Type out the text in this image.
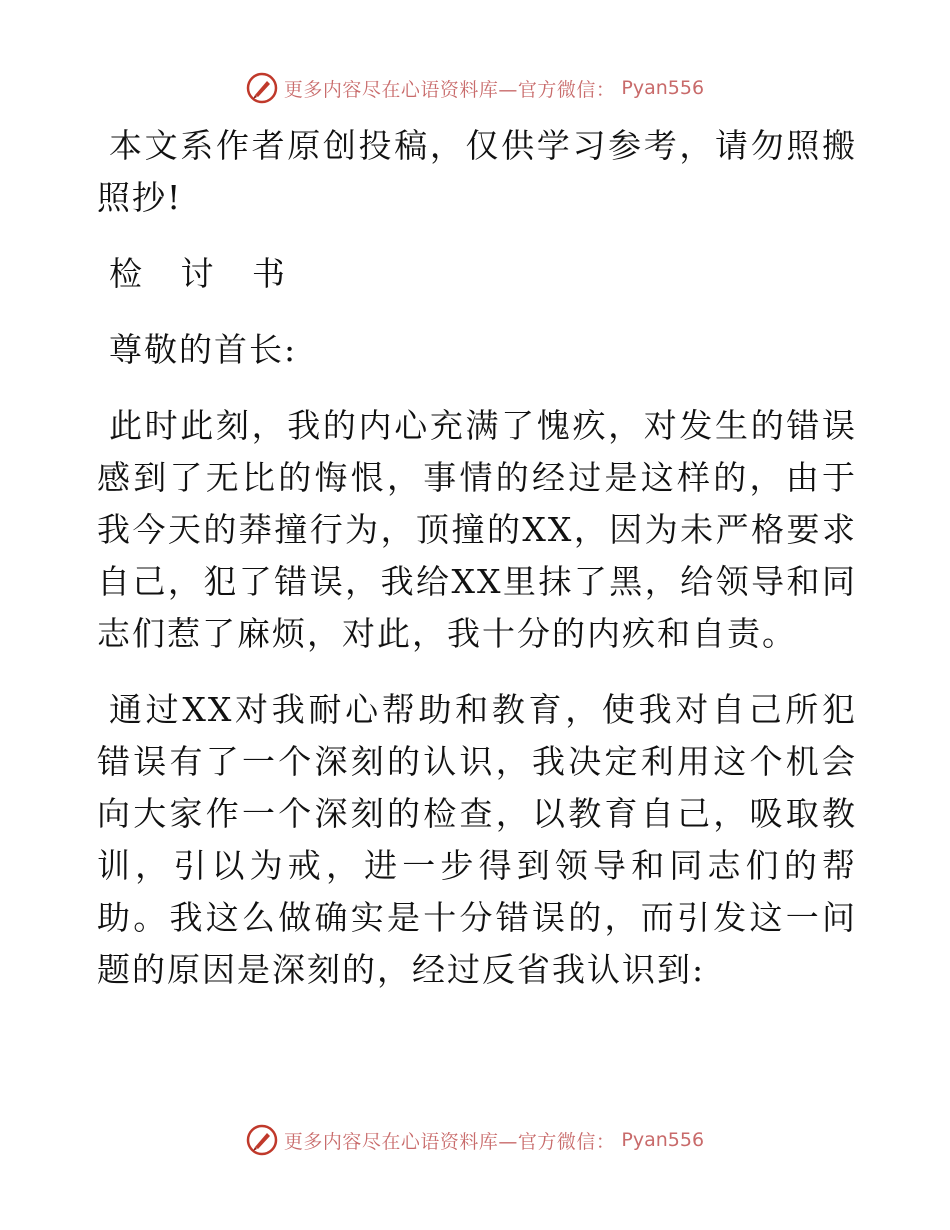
更多内容尽在心语资料库—官方微信： Pyan556

本文系作者原创投稿，仅供学习参考，请勿照搬照抄!

检 讨 书

尊敬的首长:

此时此刻，我的内心充满了愧疚，对发生的错误感到了无比的悔恨，事情的经过是这样的，由于我今天的莽撞行为，顶撞的XX，因为未严格要求自己，犯了错误，我给XX里抹了黑，给领导和同志们惹了麻烦，对此，我十分的内疚和自责。

通过XX对我耐心帮助和教育，使我对自己所犯错误有了一个深刻的认识，我决定利用这个机会向大家作一个深刻的检查，以教育自己，吸取教训，引以为戒，进一步得到领导和同志们的帮助。我这么做确实是十分错误的，而引发这一问题的原因是深刻的，经过反省我认识到:

更多内容尽在心语资料库—官方微信： Pyan556
